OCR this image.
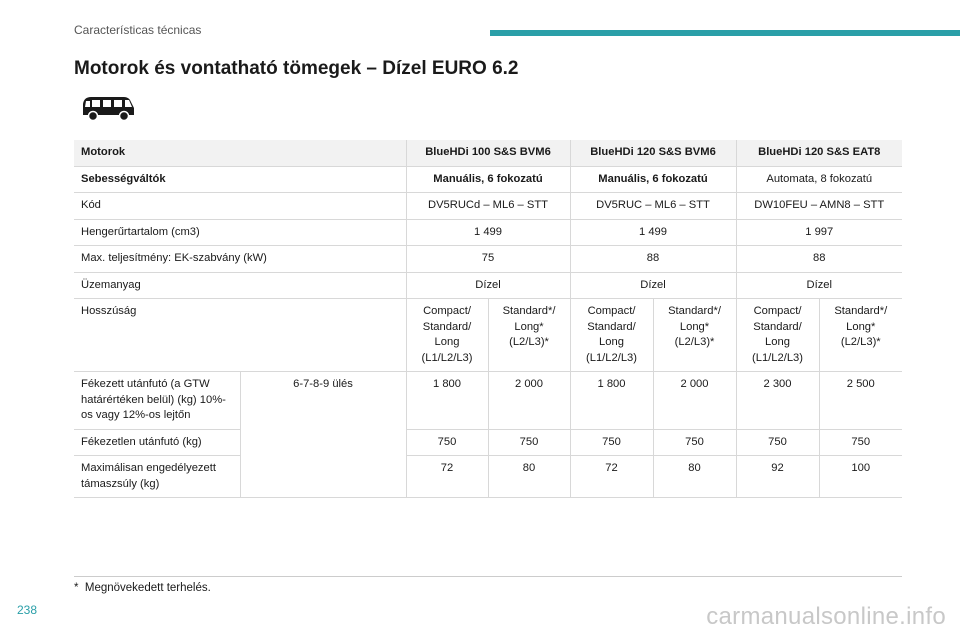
Características técnicas
Motorok és vontatható tömegek – Dízel EURO 6.2
Motorok		BlueHDi 100 S&S BVM6		BlueHDi 120 S&S BVM6		BlueHDi 120 S&S EAT8	
Sebességváltók		Manuális, 6 fokozatú		Manuális, 6 fokozatú		Automata, 8 fokozatú	
Kód		DV5RUCd – ML6 – STT		DV5RUC – ML6 – STT		DW10FEU – AMN8 – STT	
Hengerűrtartalom (cm3)		1 499		1 499		1 997	
Max. teljesítmény: EK-szabvány (kW)		75		88		88	
Üzemanyag		Dízel		Dízel		Dízel	
Hosszúság		Compact/ Standard/ Long (L1/L2/L3)	Standard*/ Long* (L2/L3)*	Compact/ Standard/ Long (L1/L2/L3)	Standard*/ Long* (L2/L3)*	Compact/ Standard/ Long (L1/L2/L3)	Standard*/ Long* (L2/L3)*
Fékezett utánfutó (a GTW határértéken belül) (kg) 10%-os vagy 12%-os lejtőn	6-7-8-9 ülés	1 800	2 000	1 800	2 000	2 300	2 500
Fékezetlen utánfutó (kg)		750	750	750	750	750	750
Maximálisan engedélyezett támaszsúly (kg)		72	80	72	80	92	100
* Megnövekedett terhelés.
238	carmanualsonline.info
